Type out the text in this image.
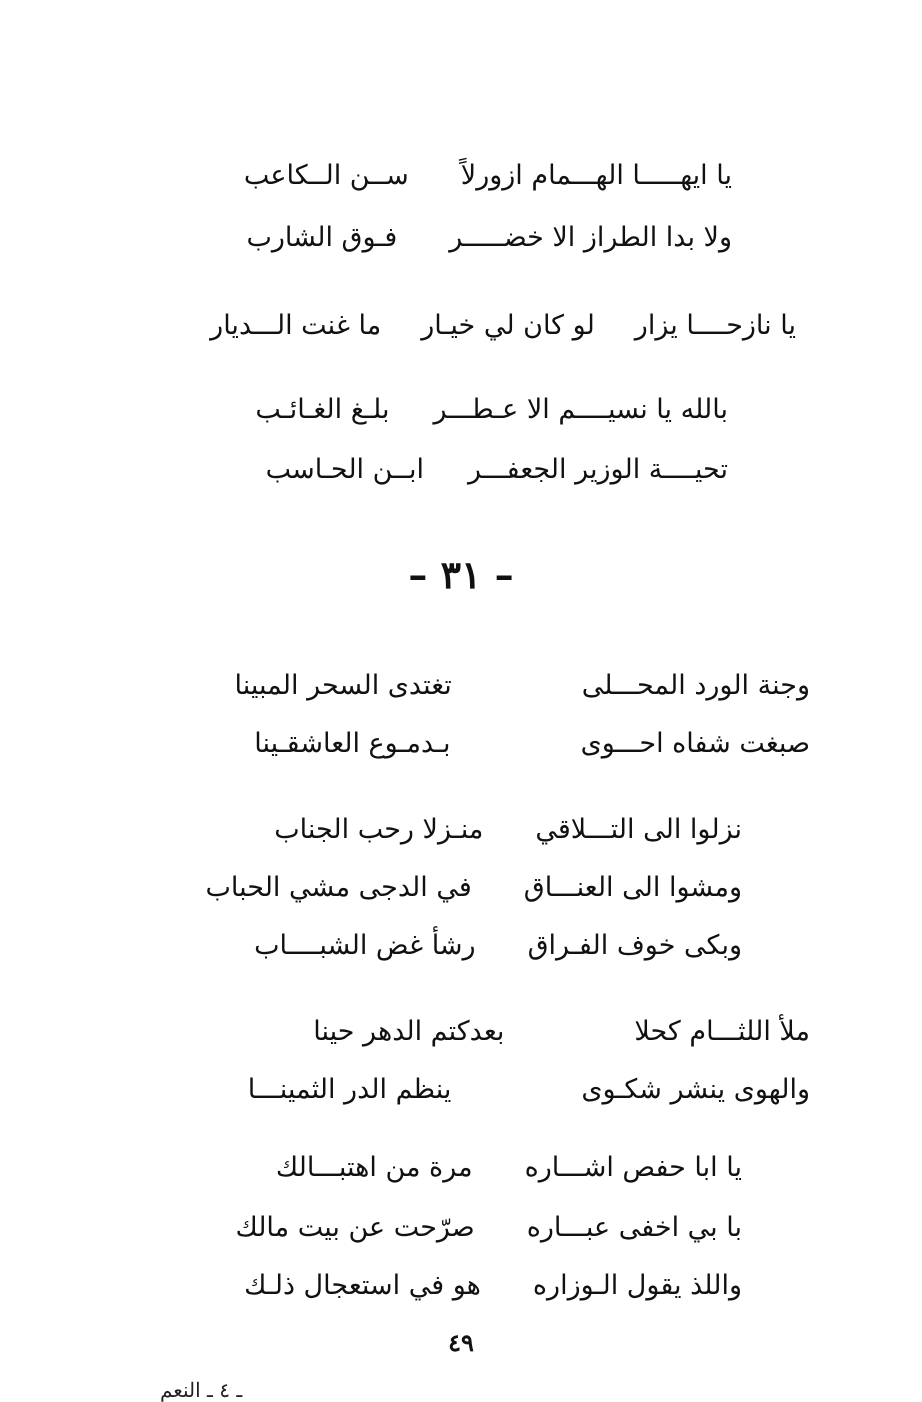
يا ايهـــــا الهـــمام ازورلاً
ســن الــكاعب
ولا بدا الطراز الا خضـــــر
فـوق الشارب
يا نازحــــا يزار
لو كان لي خيـار
ما غنت الـــديار
بالله يا نسيــــم الا عـطـــر
بلـغ الغـائـب
تحيــــة الوزير الجعفـــر
ابــن الحـاسب
– ٣١ –
وجنة الورد المحـــلى
تغتدى السحر المبينا
صبغت شفاه احـــوى
بـدمـوع العاشقـينا
نزلوا الى التـــلاقي
منـزلا رحب الجناب
ومشوا الى العنـــاق
في الدجى مشي الحباب
وبكى خوف الفـراق
رشأ غض الشبــــاب
ملأ اللثـــام كحلا
بعدكتم الدهر حينا
والهوى ينشر شكـوى
ينظم الدر الثمينـــا
يا ابا حفص اشـــاره
مرة من اهتبـــالك
با بي اخفى عبـــاره
صرّحت عن بيت مالك
واللذ يقول الـوزاره
هو في استعجال ذلـك
٤٩
ـ ٤ ـ النعم
